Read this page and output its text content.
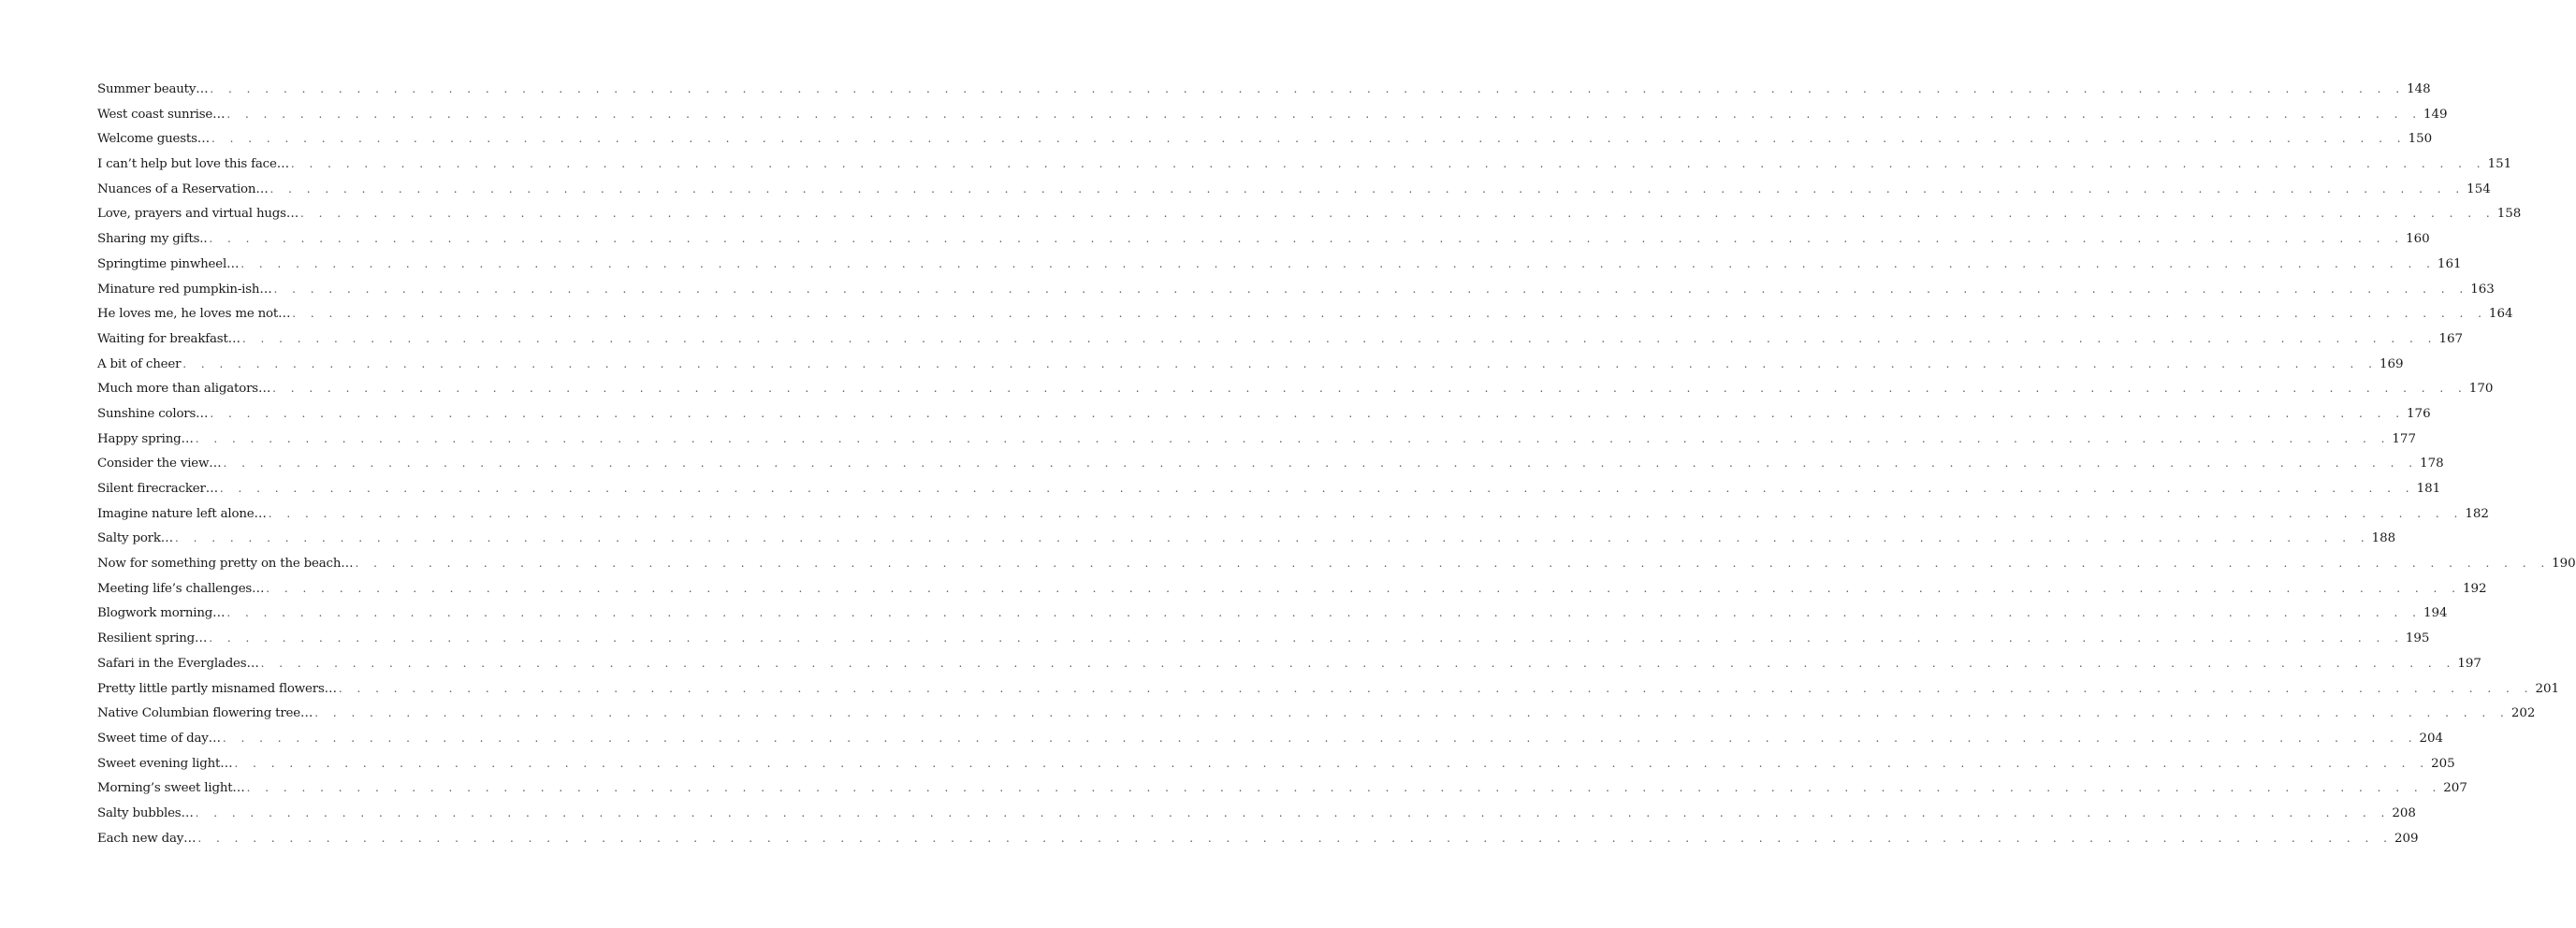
Summer beauty… . . . . . . . . . . . . . . . . . . . . . . . . . . . . . . . . . . . . . . . . . . . . . . . . . . . . . . . . . . . . . . . . . . . . . . . . . . . . . . . . . . . . . . . . . . . . . . . . . . . . . . . . . . . . . . . . . . . . . . . . 148
West coast sunrise… . . . . . . . . . . . . . . . . . . . . . . . . . . . . . . . . . . . . . . . . . . . . . . . . . . . . . . . . . . . . . . . . . . . . . . . . . . . . . . . . . . . . . . . . . . . . . . . . . . . . . . . . . . . . . . . . . . . . . . . . 149
Welcome guests… . . . . . . . . . . . . . . . . . . . . . . . . . . . . . . . . . . . . . . . . . . . . . . . . . . . . . . . . . . . . . . . . . . . . . . . . . . . . . . . . . . . . . . . . . . . . . . . . . . . . . . . . . . . . . . . . . . . . . . . . 150
I can’t help but love this face… . . . . . . . . . . . . . . . . . . . . . . . . . . . . . . . . . . . . . . . . . . . . . . . . . . . . . . . . . . . . . . . . . . . . . . . . . . . . . . . . . . . . . . . . . . . . . . . . . . . . . . . . . . . . . . . . . . . . . . . . 151
Nuances of a Reservation… . . . . . . . . . . . . . . . . . . . . . . . . . . . . . . . . . . . . . . . . . . . . . . . . . . . . . . . . . . . . . . . . . . . . . . . . . . . . . . . . . . . . . . . . . . . . . . . . . . . . . . . . . . . . . . . . . . . . . . . . 154
Love, prayers and virtual hugs… . . . . . . . . . . . . . . . . . . . . . . . . . . . . . . . . . . . . . . . . . . . . . . . . . . . . . . . . . . . . . . . . . . . . . . . . . . . . . . . . . . . . . . . . . . . . . . . . . . . . . . . . . . . . . . . . . . . . . . . . 158
Sharing my gifts.. . . . . . . . . . . . . . . . . . . . . . . . . . . . . . . . . . . . . . . . . . . . . . . . . . . . . . . . . . . . . . . . . . . . . . . . . . . . . . . . . . . . . . . . . . . . . . . . . . . . . . . . . . . . . . . . . . . . . . . . . 160
Springtime pinwheel… . . . . . . . . . . . . . . . . . . . . . . . . . . . . . . . . . . . . . . . . . . . . . . . . . . . . . . . . . . . . . . . . . . . . . . . . . . . . . . . . . . . . . . . . . . . . . . . . . . . . . . . . . . . . . . . . . . . . . . . . 161
Minature red pumpkin-ish… . . . . . . . . . . . . . . . . . . . . . . . . . . . . . . . . . . . . . . . . . . . . . . . . . . . . . . . . . . . . . . . . . . . . . . . . . . . . . . . . . . . . . . . . . . . . . . . . . . . . . . . . . . . . . . . . . . . . . . . . 163
He loves me, he loves me not… . . . . . . . . . . . . . . . . . . . . . . . . . . . . . . . . . . . . . . . . . . . . . . . . . . . . . . . . . . . . . . . . . . . . . . . . . . . . . . . . . . . . . . . . . . . . . . . . . . . . . . . . . . . . . . . . . . . . . . . . 164
Waiting for breakfast… . . . . . . . . . . . . . . . . . . . . . . . . . . . . . . . . . . . . . . . . . . . . . . . . . . . . . . . . . . . . . . . . . . . . . . . . . . . . . . . . . . . . . . . . . . . . . . . . . . . . . . . . . . . . . . . . . . . . . . . . 167
A bit of cheer . . . . . . . . . . . . . . . . . . . . . . . . . . . . . . . . . . . . . . . . . . . . . . . . . . . . . . . . . . . . . . . . . . . . . . . . . . . . . . . . . . . . . . . . . . . . . . . . . . . . . . . . . . . . . . . . . . . . . . . . 169
Much more than aligators… . . . . . . . . . . . . . . . . . . . . . . . . . . . . . . . . . . . . . . . . . . . . . . . . . . . . . . . . . . . . . . . . . . . . . . . . . . . . . . . . . . . . . . . . . . . . . . . . . . . . . . . . . . . . . . . . . . . . . . . . 170
Sunshine colors… . . . . . . . . . . . . . . . . . . . . . . . . . . . . . . . . . . . . . . . . . . . . . . . . . . . . . . . . . . . . . . . . . . . . . . . . . . . . . . . . . . . . . . . . . . . . . . . . . . . . . . . . . . . . . . . . . . . . . . . . 176
Happy spring… . . . . . . . . . . . . . . . . . . . . . . . . . . . . . . . . . . . . . . . . . . . . . . . . . . . . . . . . . . . . . . . . . . . . . . . . . . . . . . . . . . . . . . . . . . . . . . . . . . . . . . . . . . . . . . . . . . . . . . . . 177
Consider the view… . . . . . . . . . . . . . . . . . . . . . . . . . . . . . . . . . . . . . . . . . . . . . . . . . . . . . . . . . . . . . . . . . . . . . . . . . . . . . . . . . . . . . . . . . . . . . . . . . . . . . . . . . . . . . . . . . . . . . . . . 178
Silent firecracker… . . . . . . . . . . . . . . . . . . . . . . . . . . . . . . . . . . . . . . . . . . . . . . . . . . . . . . . . . . . . . . . . . . . . . . . . . . . . . . . . . . . . . . . . . . . . . . . . . . . . . . . . . . . . . . . . . . . . . . . . 181
Imagine nature left alone… . . . . . . . . . . . . . . . . . . . . . . . . . . . . . . . . . . . . . . . . . . . . . . . . . . . . . . . . . . . . . . . . . . . . . . . . . . . . . . . . . . . . . . . . . . . . . . . . . . . . . . . . . . . . . . . . . . . . . . . . 182
Salty pork… . . . . . . . . . . . . . . . . . . . . . . . . . . . . . . . . . . . . . . . . . . . . . . . . . . . . . . . . . . . . . . . . . . . . . . . . . . . . . . . . . . . . . . . . . . . . . . . . . . . . . . . . . . . . . . . . . . . . . . . . 188
Now for something pretty on the beach… . . . . . . . . . . . . . . . . . . . . . . . . . . . . . . . . . . . . . . . . . . . . . . . . . . . . . . . . . . . . . . . . . . . . . . . . . . . . . . . . . . . . . . . . . . . . . . . . . . . . . . . . . . . . . . . . . . . . . . . . 190
Meeting life’s challenges… . . . . . . . . . . . . . . . . . . . . . . . . . . . . . . . . . . . . . . . . . . . . . . . . . . . . . . . . . . . . . . . . . . . . . . . . . . . . . . . . . . . . . . . . . . . . . . . . . . . . . . . . . . . . . . . . . . . . . . . . 192
Blogwork morning… . . . . . . . . . . . . . . . . . . . . . . . . . . . . . . . . . . . . . . . . . . . . . . . . . . . . . . . . . . . . . . . . . . . . . . . . . . . . . . . . . . . . . . . . . . . . . . . . . . . . . . . . . . . . . . . . . . . . . . . . 194
Resilient spring… . . . . . . . . . . . . . . . . . . . . . . . . . . . . . . . . . . . . . . . . . . . . . . . . . . . . . . . . . . . . . . . . . . . . . . . . . . . . . . . . . . . . . . . . . . . . . . . . . . . . . . . . . . . . . . . . . . . . . . . . 195
Safari in the Everglades… . . . . . . . . . . . . . . . . . . . . . . . . . . . . . . . . . . . . . . . . . . . . . . . . . . . . . . . . . . . . . . . . . . . . . . . . . . . . . . . . . . . . . . . . . . . . . . . . . . . . . . . . . . . . . . . . . . . . . . . . 197
Pretty little partly misnamed flowers… . . . . . . . . . . . . . . . . . . . . . . . . . . . . . . . . . . . . . . . . . . . . . . . . . . . . . . . . . . . . . . . . . . . . . . . . . . . . . . . . . . . . . . . . . . . . . . . . . . . . . . . . . . . . . . . . . . . . . . . . 201
Native Columbian flowering tree… . . . . . . . . . . . . . . . . . . . . . . . . . . . . . . . . . . . . . . . . . . . . . . . . . . . . . . . . . . . . . . . . . . . . . . . . . . . . . . . . . . . . . . . . . . . . . . . . . . . . . . . . . . . . . . . . . . . . . . . . 202
Sweet time of day… . . . . . . . . . . . . . . . . . . . . . . . . . . . . . . . . . . . . . . . . . . . . . . . . . . . . . . . . . . . . . . . . . . . . . . . . . . . . . . . . . . . . . . . . . . . . . . . . . . . . . . . . . . . . . . . . . . . . . . . . 204
Sweet evening light… . . . . . . . . . . . . . . . . . . . . . . . . . . . . . . . . . . . . . . . . . . . . . . . . . . . . . . . . . . . . . . . . . . . . . . . . . . . . . . . . . . . . . . . . . . . . . . . . . . . . . . . . . . . . . . . . . . . . . . . . 205
Morning’s sweet light… . . . . . . . . . . . . . . . . . . . . . . . . . . . . . . . . . . . . . . . . . . . . . . . . . . . . . . . . . . . . . . . . . . . . . . . . . . . . . . . . . . . . . . . . . . . . . . . . . . . . . . . . . . . . . . . . . . . . . . . . 207
Salty bubbles… . . . . . . . . . . . . . . . . . . . . . . . . . . . . . . . . . . . . . . . . . . . . . . . . . . . . . . . . . . . . . . . . . . . . . . . . . . . . . . . . . . . . . . . . . . . . . . . . . . . . . . . . . . . . . . . . . . . . . . . . 208
Each new day… . . . . . . . . . . . . . . . . . . . . . . . . . . . . . . . . . . . . . . . . . . . . . . . . . . . . . . . . . . . . . . . . . . . . . . . . . . . . . . . . . . . . . . . . . . . . . . . . . . . . . . . . . . . . . . . . . . . . . . . . 209
